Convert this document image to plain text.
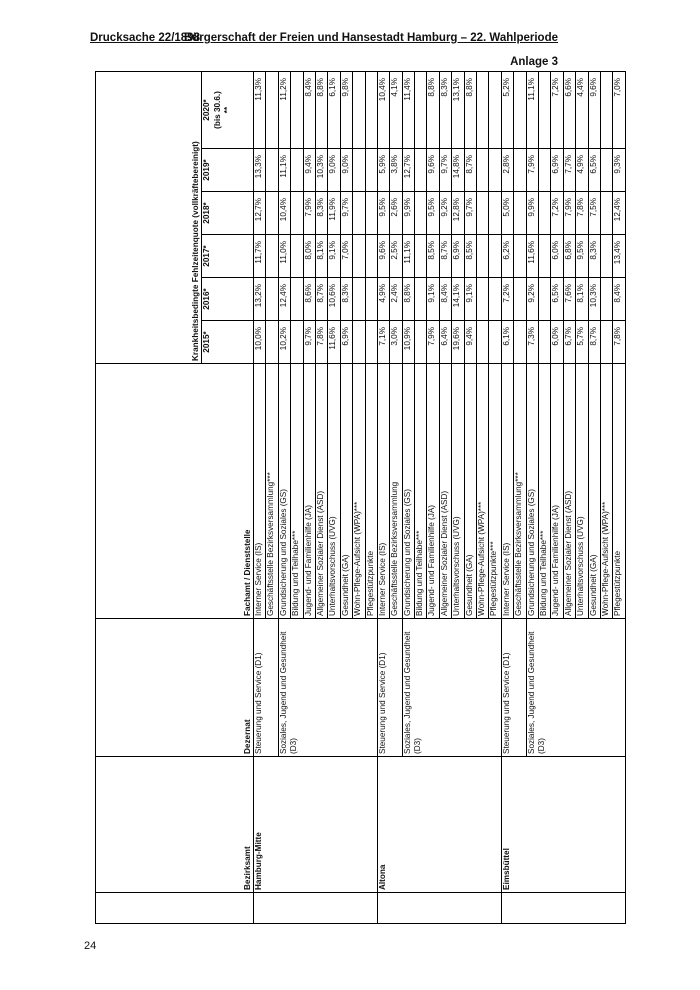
Drucksache 22/1898
Bürgerschaft der Freien und Hansestadt Hamburg – 22. Wahlperiode
Anlage 3
	Bezirksamt	Dezernat	Fachamt / Dienststelle	Krankheitsbedingte Fehlzeitenquote (vollkräftebereinigt)					
				2015*	2016*	2017*	2018*	2019*	2020*
(bis 30.6.)
**
	Hamburg-Mitte	Steuerung und Service (D1)	Interner Service (IS)	10,0%	13,2%	11,7%	12,7%	13,3%	11,3%
			Geschäftsstelle Bezirksversammlung***						
		Soziales, Jugend und Gesundheit (D3)	Grundsicherung und Soziales (GS)	10,2%	12,4%	11,0%	10,4%	11,1%	11,2%
			Bildung und Teilhabe***						
			Jugend- und Familienhilfe (JA)	9,7%	8,6%	8,0%	7,9%	9,4%	8,4%
			Allgemeiner Sozialer Dienst (ASD)	7,8%	8,7%	8,1%	8,3%	10,3%	8,8%
			Unterhaltsvorschuss (UVG)	11,6%	10,6%	9,1%	11,9%	9,0%	6,1%
			Gesundheit (GA)	6,9%	8,3%	7,0%	9,7%	9,0%	9,8%
			Wohn-Pflege-Aufsicht (WPA)***						
			Pflegestützpunkte						
	Altona	Steuerung und Service (D1)	Interner Service (IS)	7,1%	4,9%	9,6%	9,5%	5,9%	10,4%
			Geschäftsstelle Bezirksversammlung	3,0%	2,4%	2,5%	2,6%	3,8%	4,1%
		Soziales, Jugend und Gesundheit (D3)	Grundsicherung und Soziales (GS)	10,9%	8,8%	11,1%	9,9%	12,7%	11,4%
			Bildung und Teilhabe***						
			Jugend- und Familienhilfe (JA)	7,9%	9,1%	8,5%	9,5%	9,6%	8,8%
			Allgemeiner Sozialer Dienst (ASD)	6,4%	8,4%	8,7%	9,2%	9,7%	8,3%
			Unterhaltsvorschuss (UVG)	19,6%	14,1%	6,9%	12,8%	14,8%	13,1%
			Gesundheit (GA)	9,4%	9,1%	8,5%	9,7%	8,7%	8,8%
			Wohn-Pflege-Aufsicht (WPA)***						
			Pflegestützpunkte***						
	Eimsbüttel	Steuerung und Service (D1)	Interner Service (IS)	6,1%	7,2%	6,2%	5,0%	2,8%	5,2%
			Geschäftsstelle Bezirksversammlung***						
		Soziales, Jugend und Gesundheit (D3)	Grundsicherung und Soziales (GS)	7,3%	9,2%	11,6%	9,9%	7,9%	11,1%
			Bildung und Teilhabe***						
			Jugend- und Familienhilfe (JA)	6,0%	6,5%	6,0%	7,2%	6,9%	7,2%
			Allgemeiner Sozialer Dienst (ASD)	6,7%	7,6%	6,8%	7,9%	7,7%	6,6%
			Unterhaltsvorschuss (UVG)	5,7%	8,1%	9,5%	7,8%	4,9%	4,4%
			Gesundheit (GA)	8,7%	10,3%	8,3%	7,5%	6,5%	9,6%
			Wohn-Pflege-Aufsicht (WPA)***						
			Pflegestützpunkte	7,8%	8,4%	13,4%	12,4%	9,3%	7,0%
24
